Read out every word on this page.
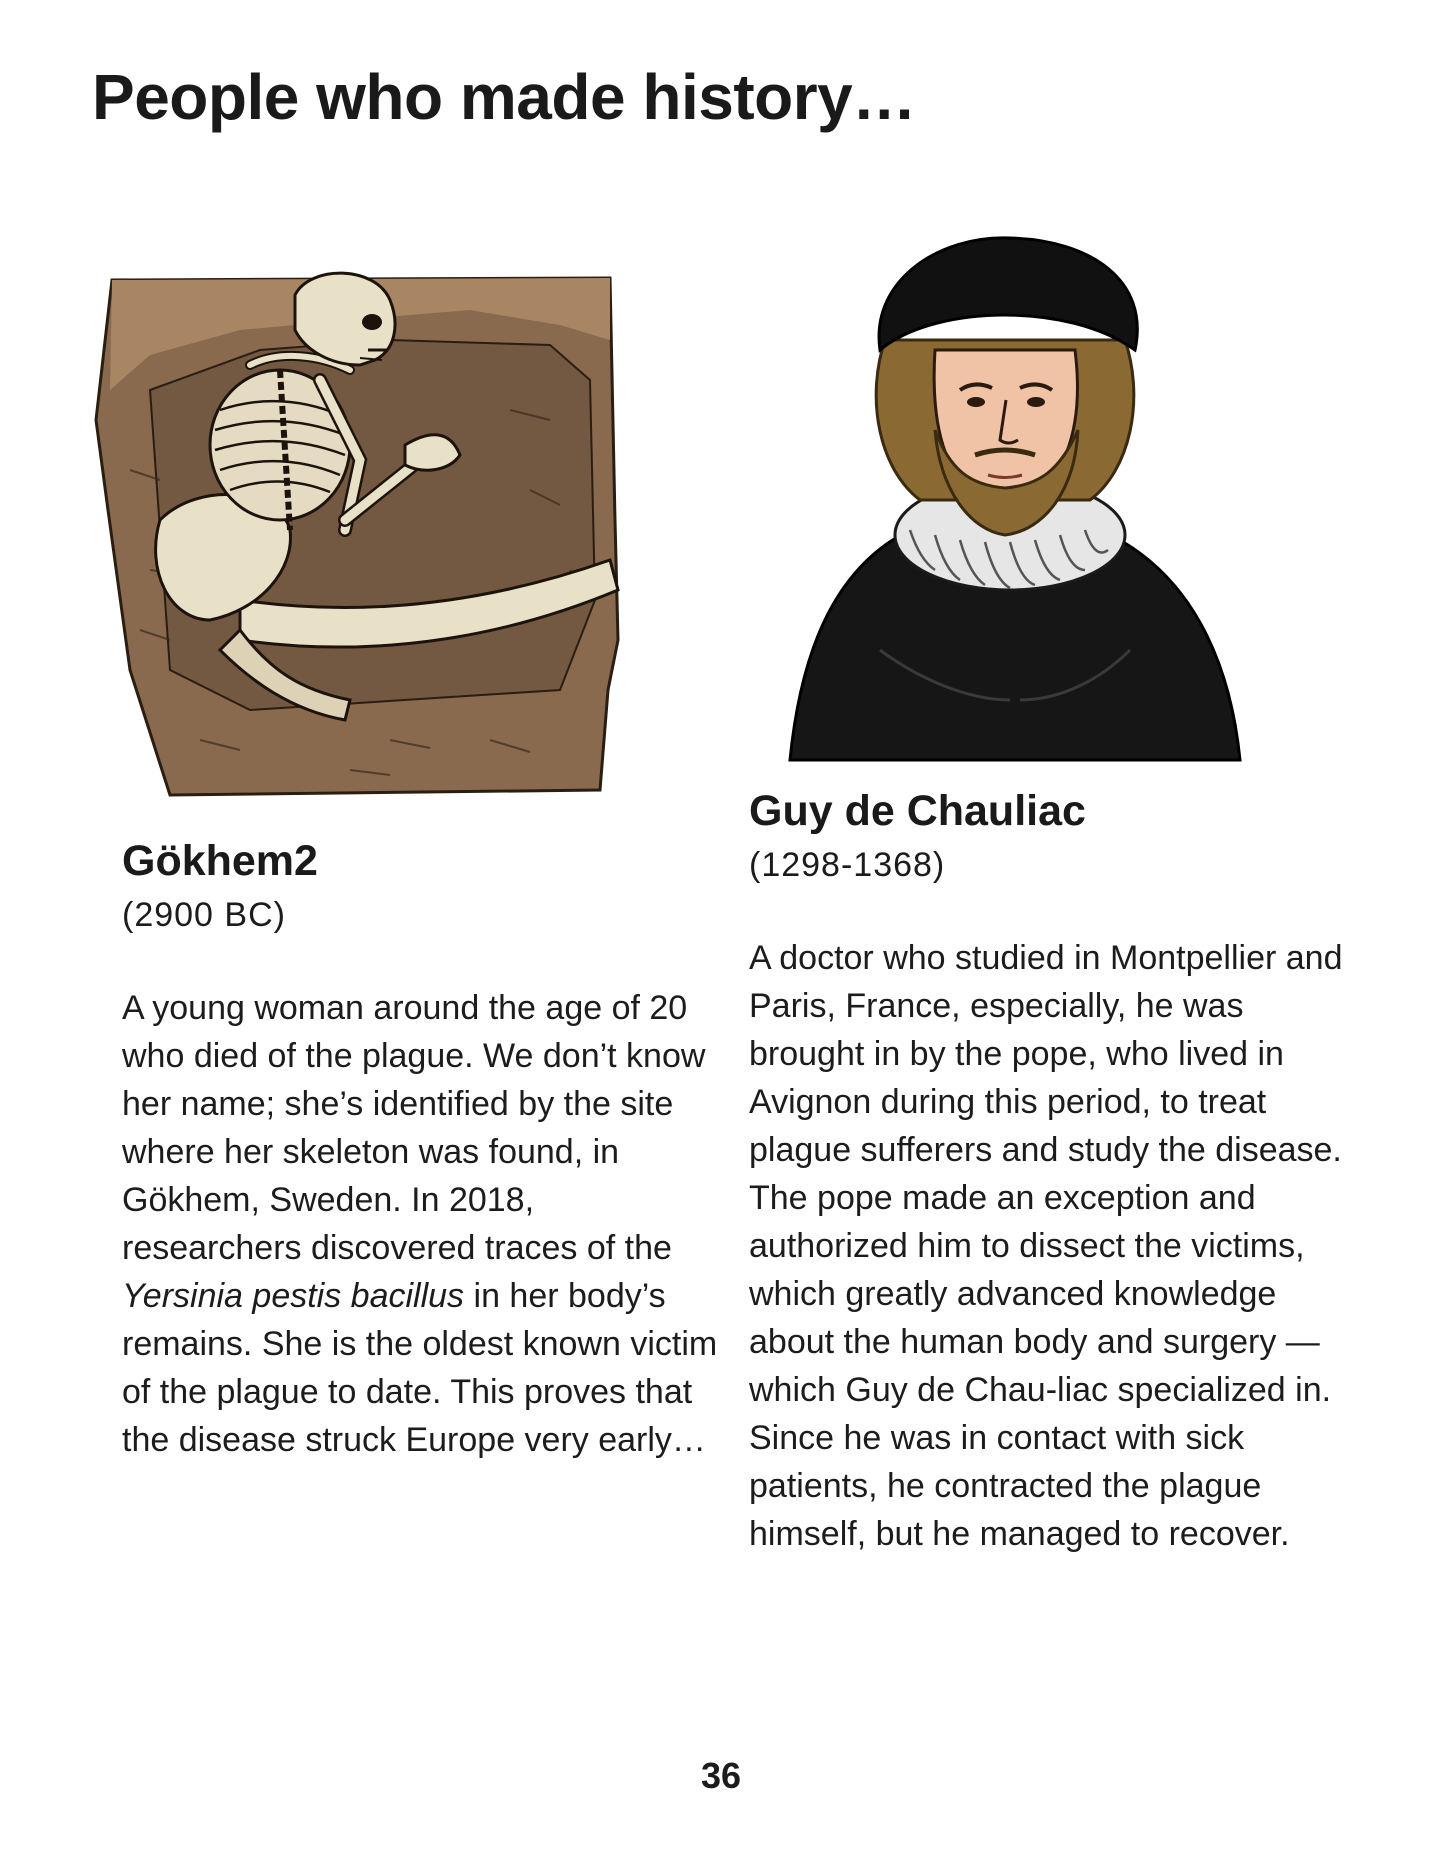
People who made history…
Gökhem2

(2900 BC)

A young woman around the age of 20 who died of the plague. We don’t know her name; she’s identified by the site where her skeleton was found, in Gökhem, Sweden. In 2018, researchers discovered traces of the Yersinia pestis bacillus in her body’s remains. She is the oldest known victim of the plague to date. This proves that the disease struck Europe very early…

Guy de Chauliac

(1298-1368)

A doctor who studied in Montpellier and Paris, France, especially, he was brought in by the pope, who lived in Avignon during this period, to treat plague sufferers and study the disease. The pope made an exception and authorized him to dissect the victims, which greatly advanced knowledge about the human body and surgery — which Guy de Chau-liac specialized in. Since he was in contact with sick patients, he contracted the plague himself, but he managed to recover.

36
